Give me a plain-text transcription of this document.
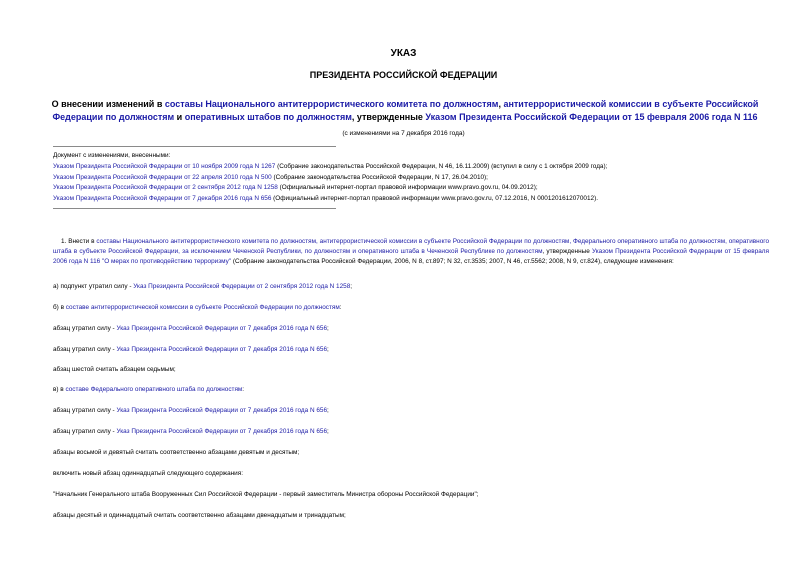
УКАЗ
ПРЕЗИДЕНТА РОССИЙСКОЙ ФЕДЕРАЦИИ
О внесении изменений в составы Национального антитеррористического комитета по должностям, антитеррористической комиссии в субъекте Российской Федерации по должностям и оперативных штабов по должностям, утвержденные Указом Президента Российской Федерации от 15 февраля 2006 года N 116
(с изменениями на 7 декабря 2016 года)
Документ с изменениями, внесенными:
Указом Президента Российской Федерации от 10 ноября 2009 года N 1267 (Собрание законодательства Российской Федерации, N 46, 16.11.2009) (вступил в силу с 1 октября 2009 года);
Указом Президента Российской Федерации от 22 апреля 2010 года N 500 (Собрание законодательства Российской Федерации, N 17, 26.04.2010);
Указом Президента Российской Федерации от 2 сентября 2012 года N 1258 (Официальный интернет-портал правовой информации www.pravo.gov.ru, 04.09.2012);
Указом Президента Российской Федерации от 7 декабря 2016 года N 656 (Официальный интернет-портал правовой информации www.pravo.gov.ru, 07.12.2016, N 0001201612070012).
1. Внести в составы Национального антитеррористического комитета по должностям, антитеррористической комиссии в субъекте Российской Федерации по должностям, Федерального оперативного штаба по должностям, оперативного штаба в субъекте Российской Федерации, за исключением Чеченской Республики, по должностям и оперативного штаба в Чеченской Республике по должностям, утвержденные Указом Президента Российской Федерации от 15 февраля 2006 года N 116 "О мерах по противодействию терроризму" (Собрание законодательства Российской Федерации, 2006, N 8, ст.897; N 32, ст.3535; 2007, N 46, ст.5562; 2008, N 9, ст.824), следующие изменения:
а) подпункт утратил силу - Указ Президента Российской Федерации от 2 сентября 2012 года N 1258;
б) в составе антитеррористической комиссии в субъекте Российской Федерации по должностям:
абзац утратил силу - Указ Президента Российской Федерации от 7 декабря 2016 года N 656;
абзац утратил силу - Указ Президента Российской Федерации от 7 декабря 2016 года N 656;
абзац шестой считать абзацем седьмым;
в) в составе Федерального оперативного штаба по должностям:
абзац утратил силу - Указ Президента Российской Федерации от 7 декабря 2016 года N 656;
абзац утратил силу - Указ Президента Российской Федерации от 7 декабря 2016 года N 656;
абзацы восьмой и девятый считать соответственно абзацами девятым и десятым;
включить новый абзац одиннадцатый следующего содержания:
"Начальник Генерального штаба Вооруженных Сил Российской Федерации - первый заместитель Министра обороны Российской Федерации";
абзацы десятый и одиннадцатый считать соответственно абзацами двенадцатым и тринадцатым;
